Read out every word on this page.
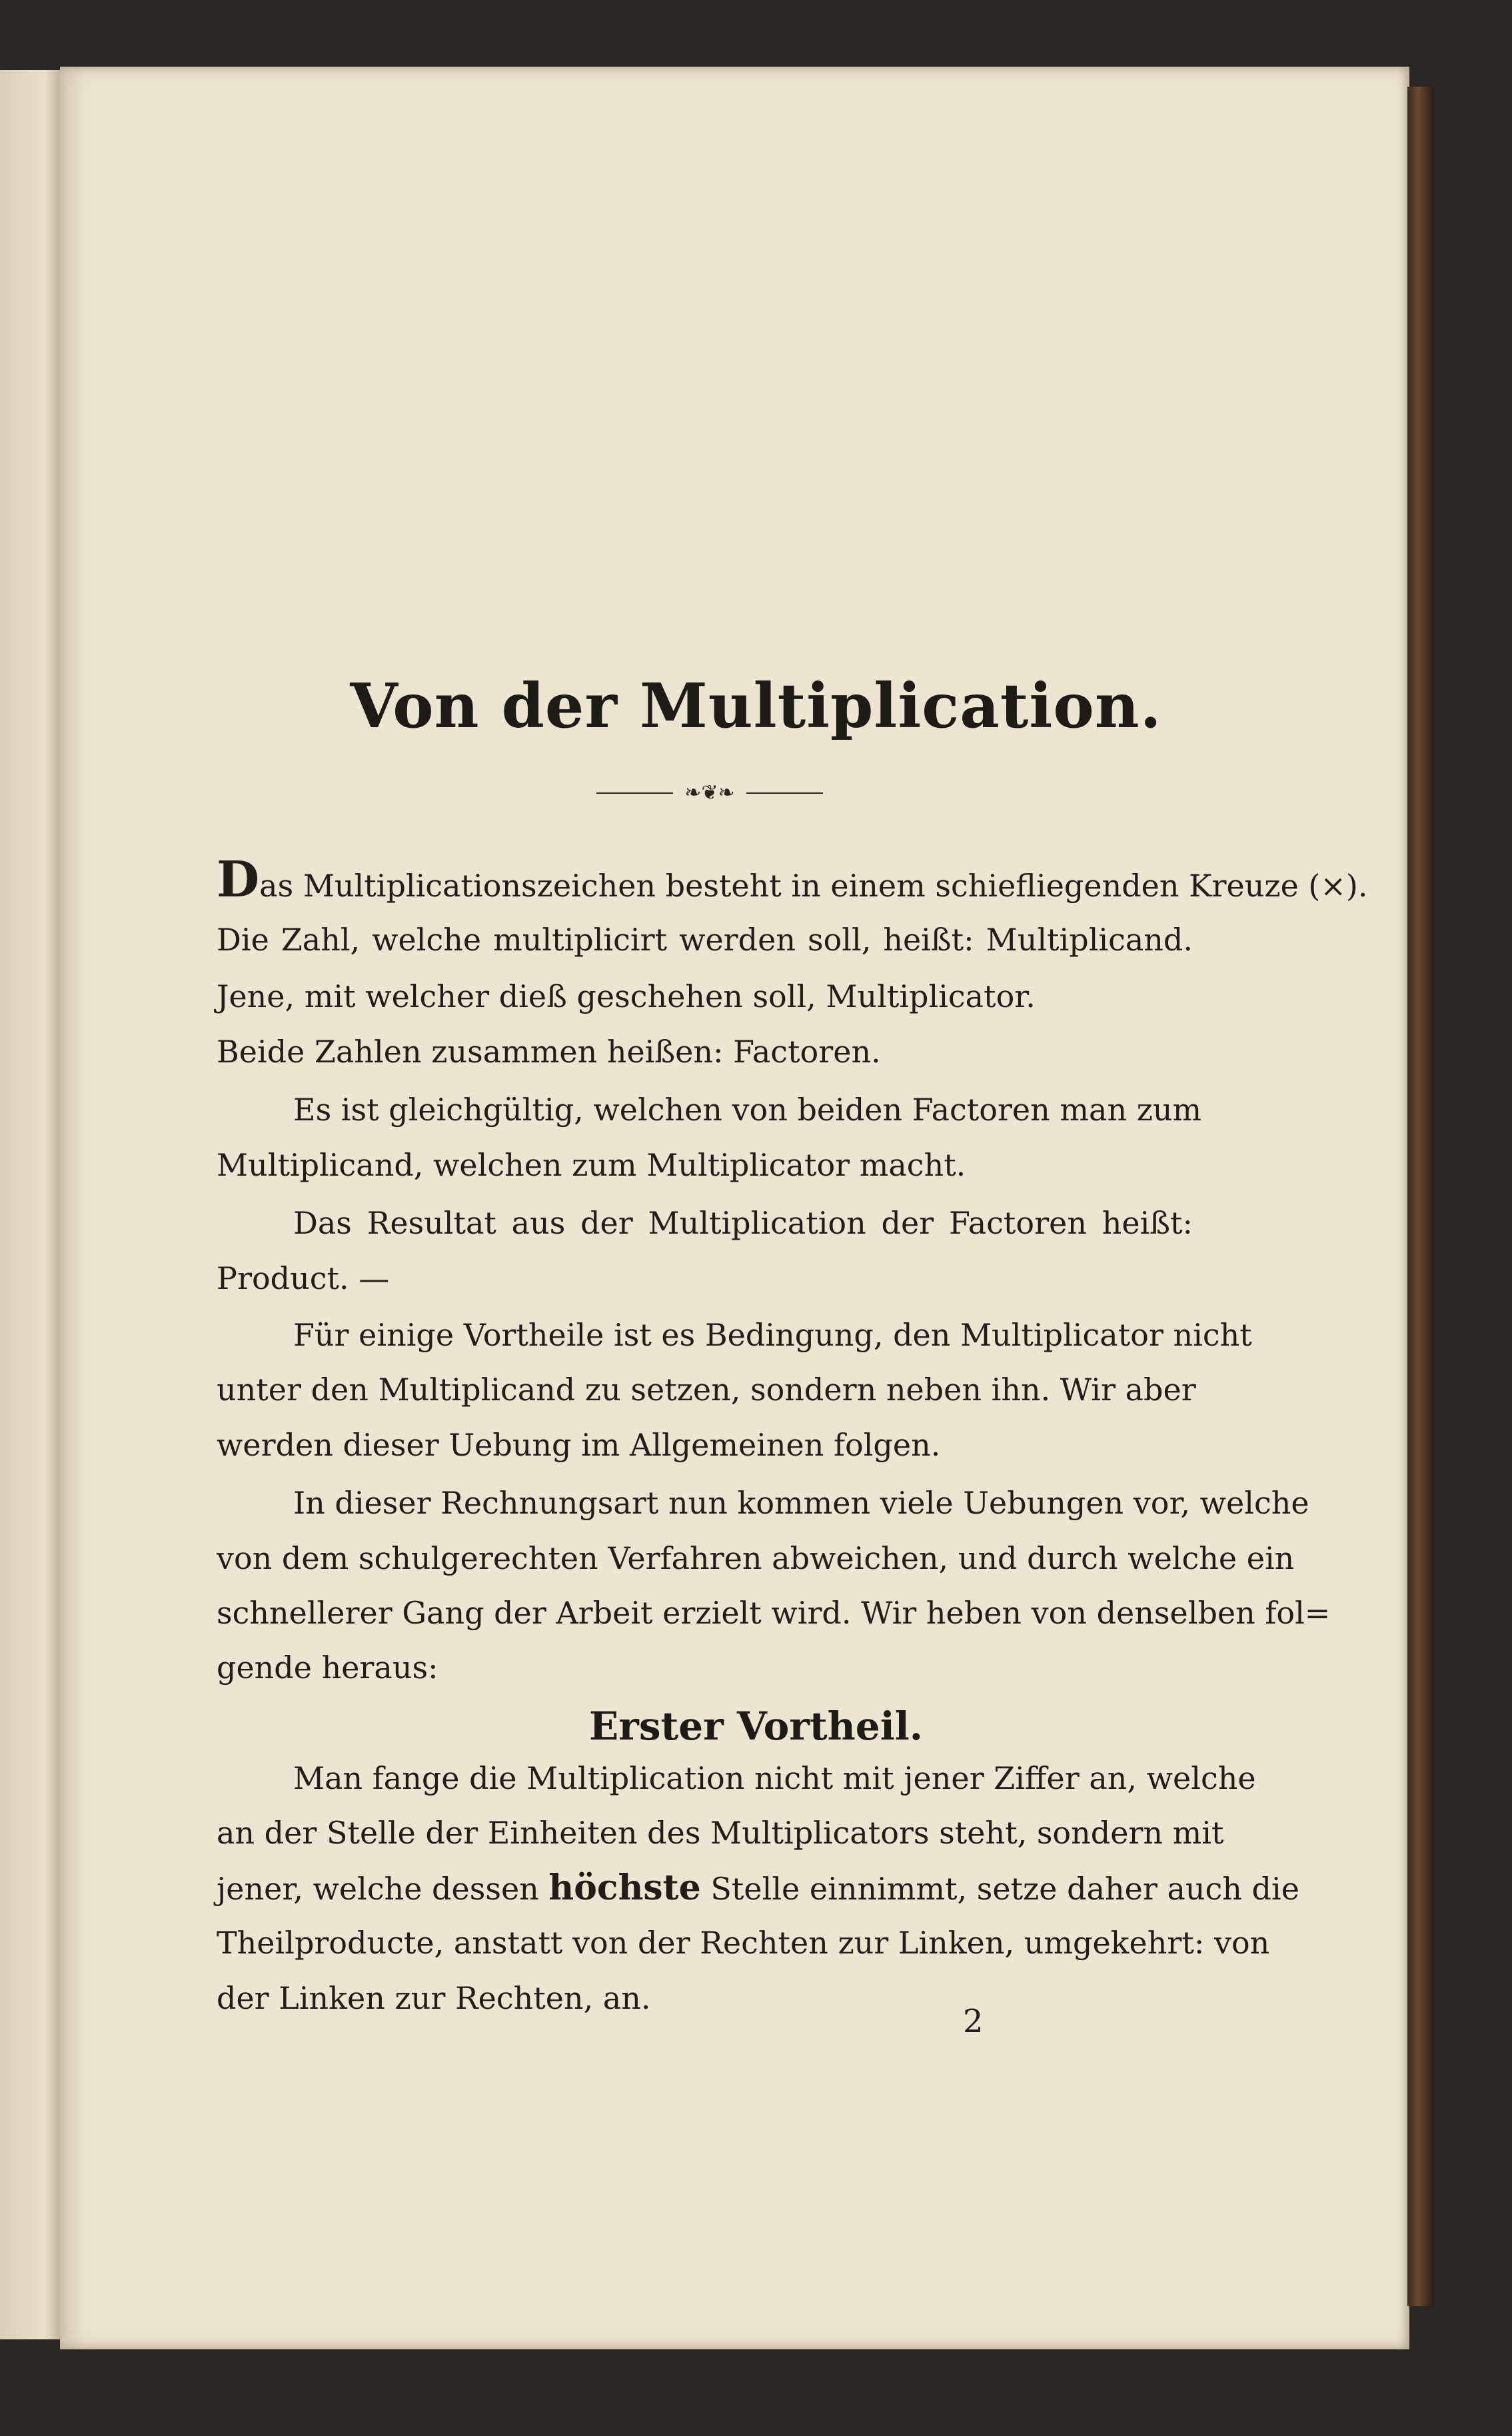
Von der Multiplication.
❧❦❧
Das Multiplicationszeichen besteht in einem schiefliegenden Kreuze (×).
Die Zahl, welche multiplicirt werden soll, heißt: Multiplicand.
Jene, mit welcher dieß geschehen soll, Multiplicator.
Beide Zahlen zusammen heißen: Factoren.
Es ist gleichgültig, welchen von beiden Factoren man zum
Multiplicand, welchen zum Multiplicator macht.
Das Resultat aus der Multiplication der Factoren heißt:
Product. —
Für einige Vortheile ist es Bedingung, den Multiplicator nicht
unter den Multiplicand zu setzen, sondern neben ihn. Wir aber
werden dieser Uebung im Allgemeinen folgen.
In dieser Rechnungsart nun kommen viele Uebungen vor, welche
von dem schulgerechten Verfahren abweichen, und durch welche ein
schnellerer Gang der Arbeit erzielt wird. Wir heben von denselben fol=
gende heraus:
Erster Vortheil.
Man fange die Multiplication nicht mit jener Ziffer an, welche
an der Stelle der Einheiten des Multiplicators steht, sondern mit
jener, welche dessen höchste Stelle einnimmt, setze daher auch die
Theilproducte, anstatt von der Rechten zur Linken, umgekehrt: von
der Linken zur Rechten, an.
2
